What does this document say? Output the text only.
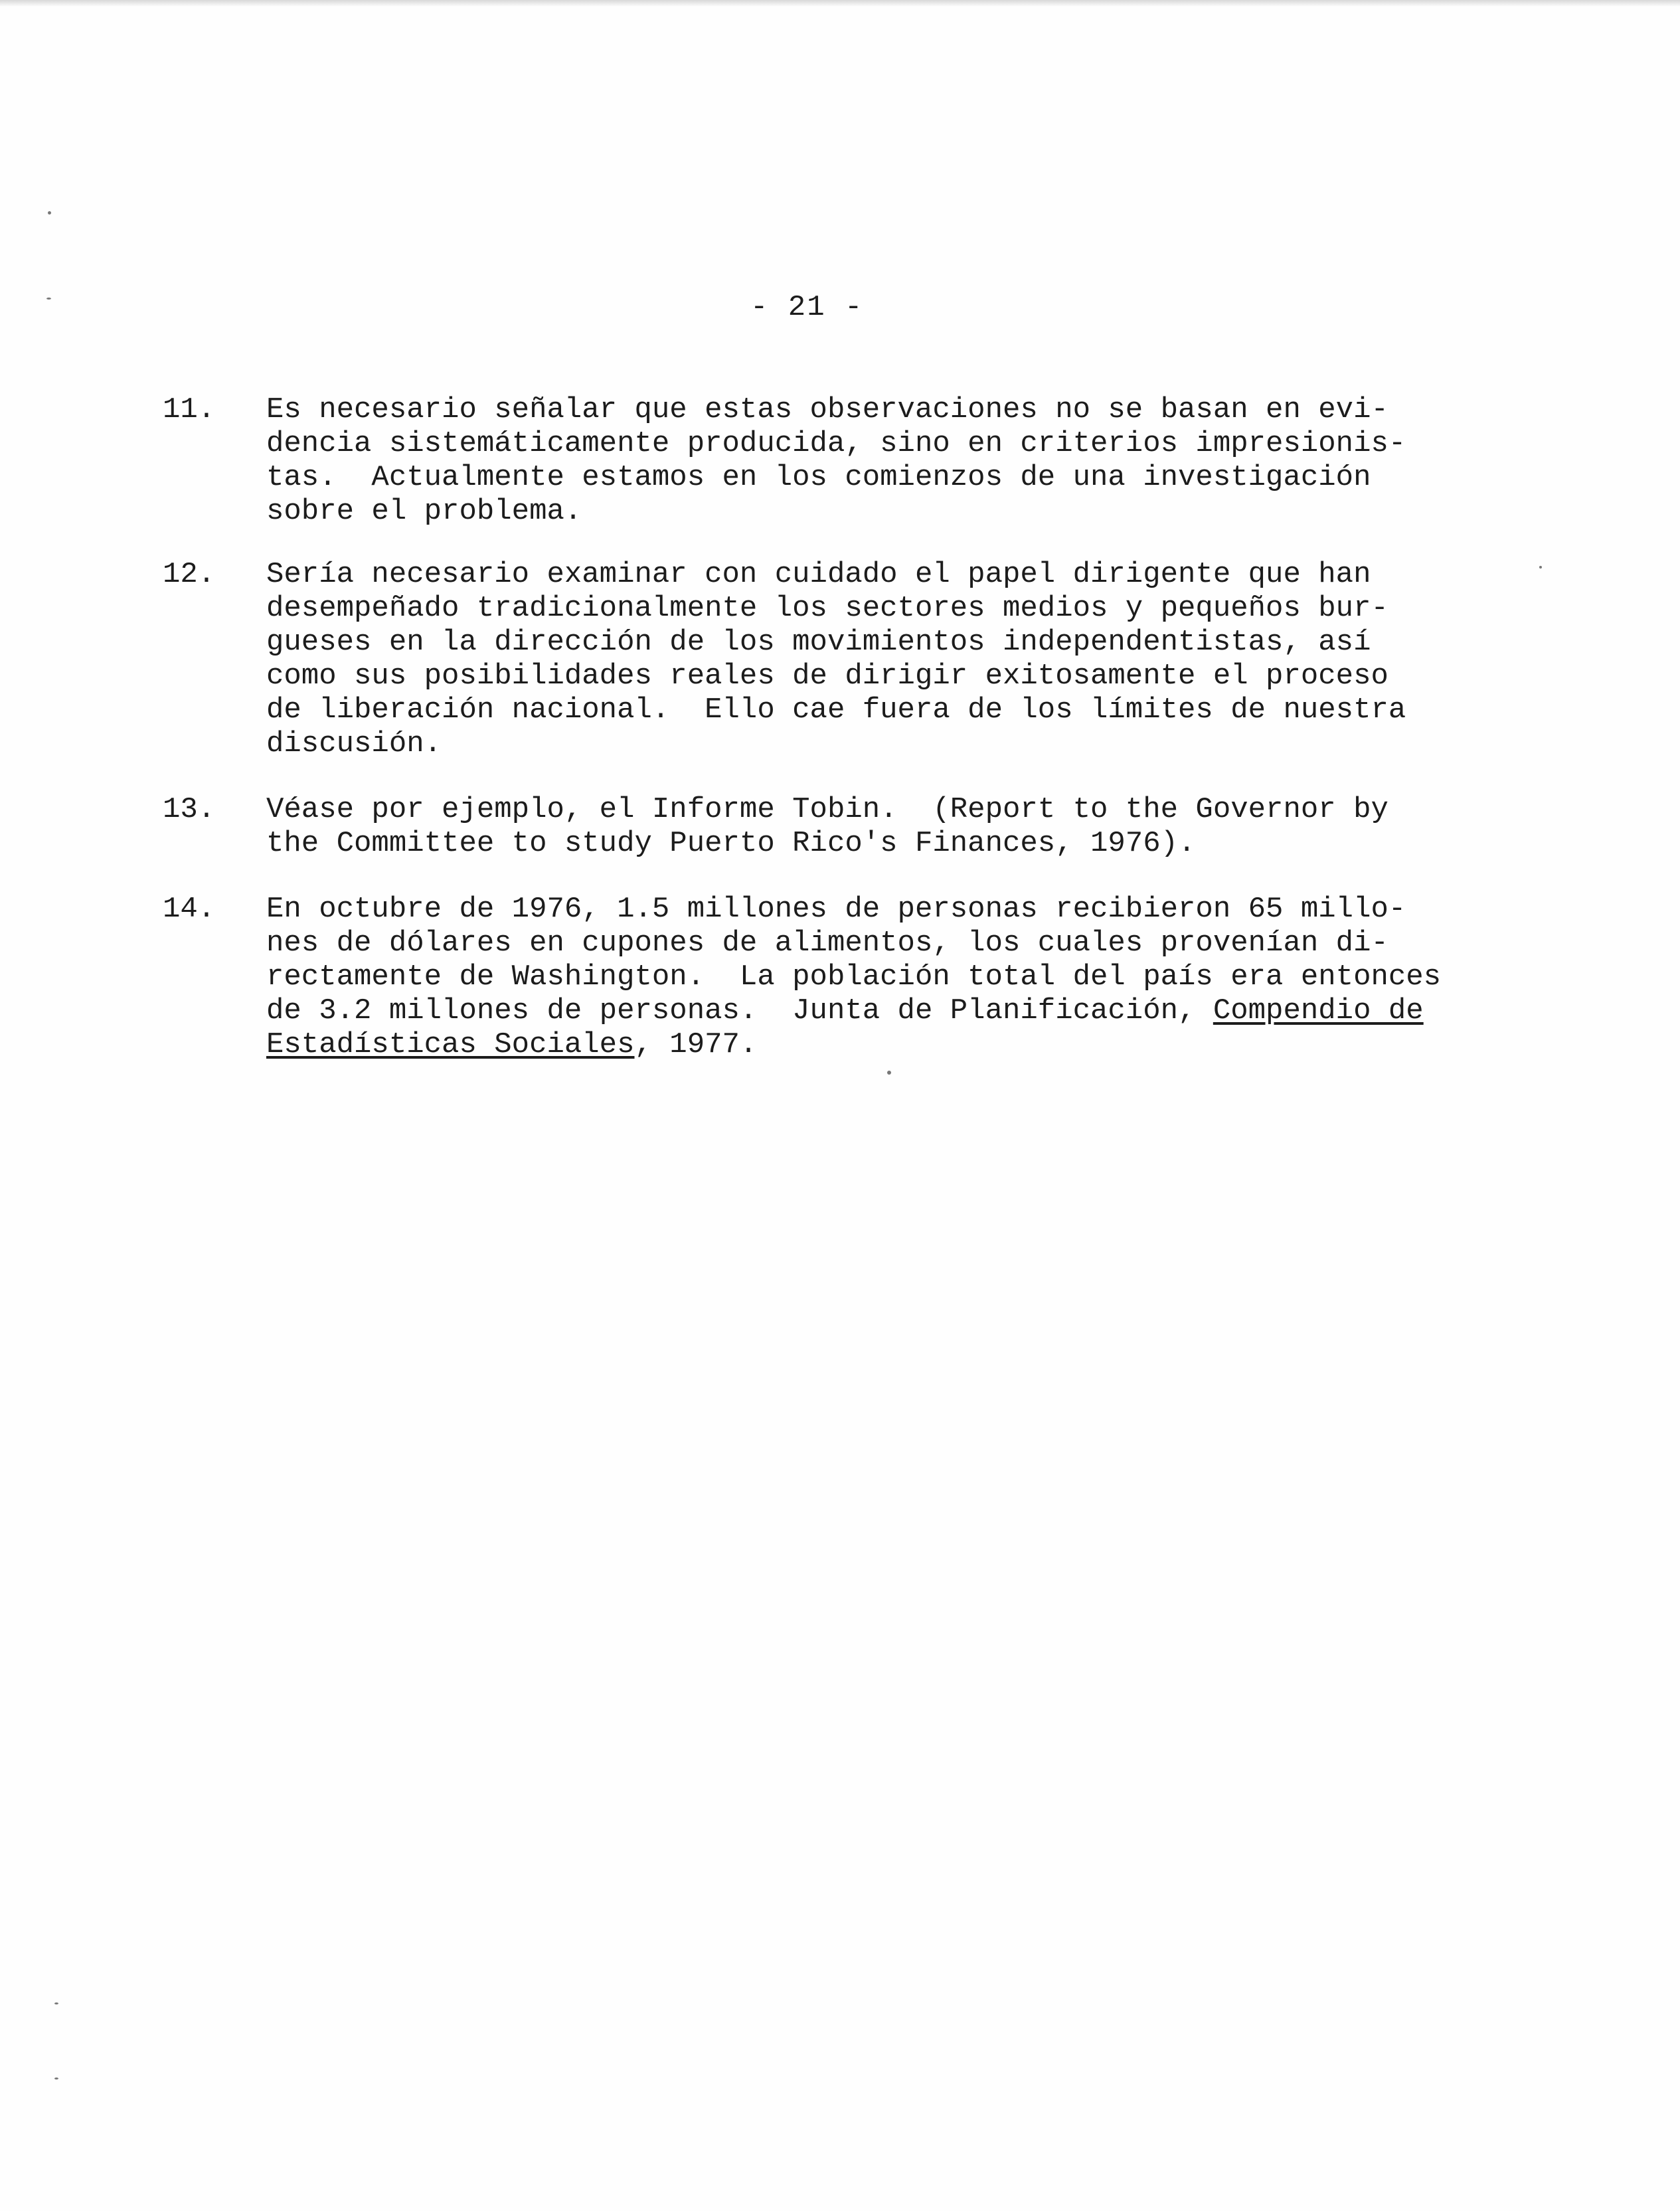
- 21 -
11. Es necesario señalar que estas observaciones no se basan en evi-
dencia sistemáticamente producida, sino en criterios impresionis-
tas.  Actualmente estamos en los comienzos de una investigación
sobre el problema.
12. Sería necesario examinar con cuidado el papel dirigente que han
desempeñado tradicionalmente los sectores medios y pequeños bur-
gueses en la dirección de los movimientos independentistas, así
como sus posibilidades reales de dirigir exitosamente el proceso
de liberación nacional.  Ello cae fuera de los límites de nuestra
discusión.
13. Véase por ejemplo, el Informe Tobin.  (Report to the Governor by
the Committee to study Puerto Rico's Finances, 1976).
14. En octubre de 1976, 1.5 millones de personas recibieron 65 millo-
nes de dólares en cupones de alimentos, los cuales provenían di-
rectamente de Washington.  La población total del país era entonces
de 3.2 millones de personas.  Junta de Planificación, Compendio de
Estadísticas Sociales, 1977.
